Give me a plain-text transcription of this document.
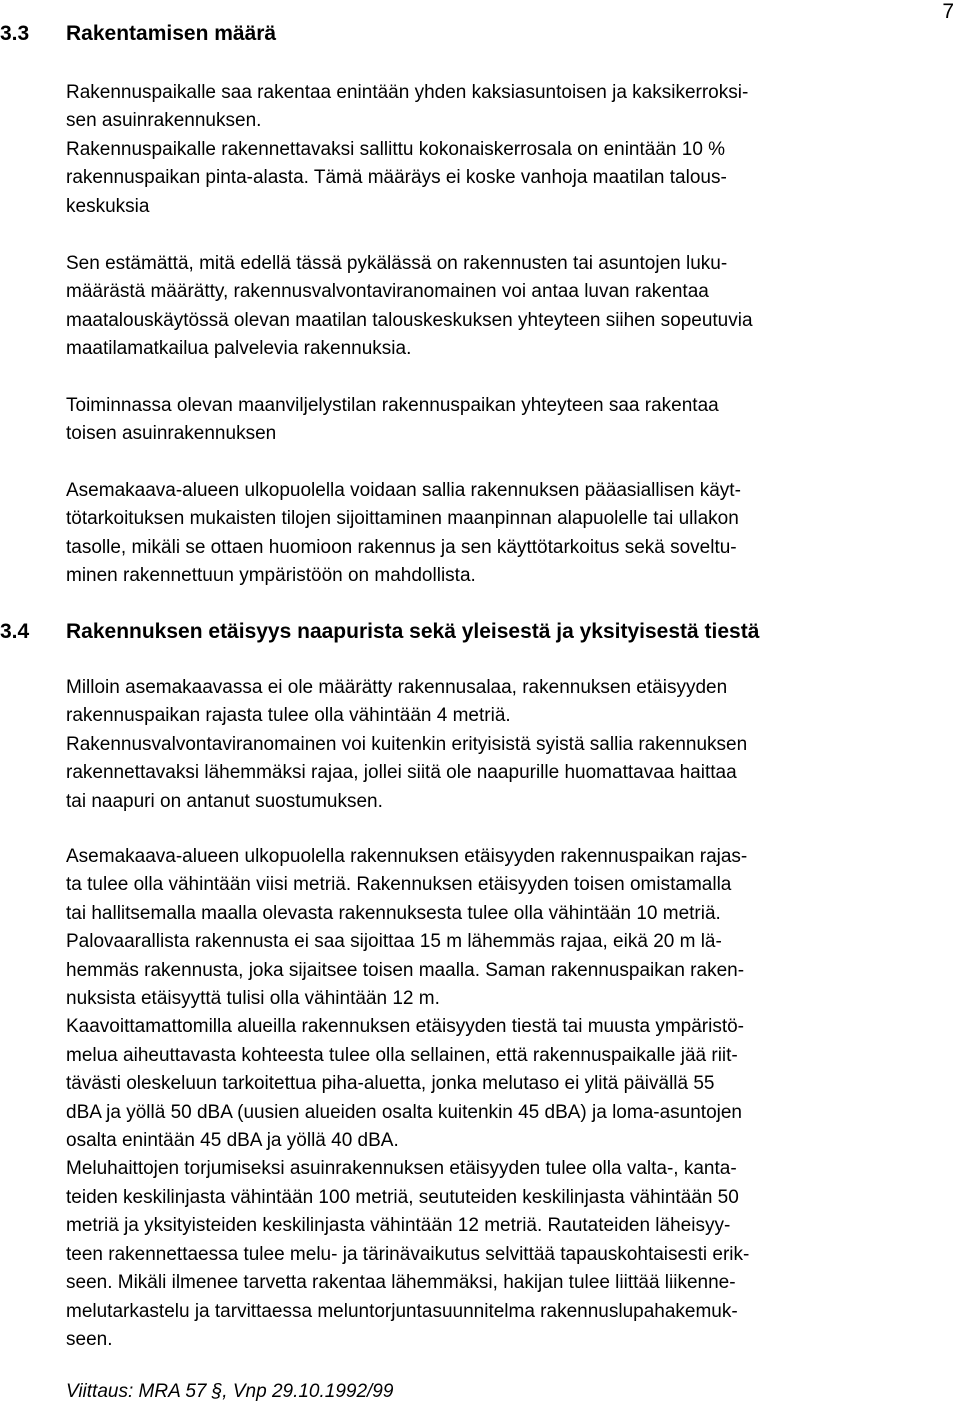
7
3.3 Rakentamisen määrä

Rakennuspaikalle saa rakentaa enintään yhden kaksiasuntoisen ja kaksikerroksi-
sen asuinrakennuksen.
Rakennuspaikalle rakennettavaksi sallittu kokonaiskerrosala on enintään 10 %
rakennuspaikan pinta-alasta. Tämä määräys ei koske vanhoja maatilan talous-
keskuksia

Sen estämättä, mitä edellä tässä pykälässä on rakennusten tai asuntojen luku-
määrästä määrätty, rakennusvalvontaviranomainen voi antaa luvan rakentaa
maatalouskäytössä olevan maatilan talouskeskuksen yhteyteen siihen sopeutuvia
maatilamatkailua palvelevia rakennuksia.

Toiminnassa olevan maanviljelystilan rakennuspaikan yhteyteen saa rakentaa
toisen asuinrakennuksen

Asemakaava-alueen ulkopuolella voidaan sallia rakennuksen pääasiallisen käyt-
tötarkoituksen mukaisten tilojen sijoittaminen maanpinnan alapuolelle tai ullakon
tasolle, mikäli se ottaen huomioon rakennus ja sen käyttötarkoitus sekä soveltu-
minen rakennettuun ympäristöön on mahdollista.

3.4 Rakennuksen etäisyys naapurista sekä yleisestä ja yksityisestä tiestä

Milloin asemakaavassa ei ole määrätty rakennusalaa, rakennuksen etäisyyden
rakennuspaikan rajasta tulee olla vähintään 4 metriä.
Rakennusvalvontaviranomainen voi kuitenkin erityisistä syistä sallia rakennuksen
rakennettavaksi lähemmäksi rajaa, jollei siitä ole naapurille huomattavaa haittaa
tai naapuri on antanut suostumuksen.

Asemakaava-alueen ulkopuolella rakennuksen etäisyyden rakennuspaikan rajas-
ta tulee olla vähintään viisi metriä. Rakennuksen etäisyyden toisen omistamalla
tai hallitsemalla maalla olevasta rakennuksesta tulee olla vähintään 10 metriä.
Palovaarallista rakennusta ei saa sijoittaa 15 m lähemmäs rajaa, eikä 20 m lä-
hemmäs rakennusta, joka sijaitsee toisen maalla. Saman rakennuspaikan raken-
nuksista etäisyyttä tulisi olla vähintään 12 m.
Kaavoittamattomilla alueilla rakennuksen etäisyyden tiestä tai muusta ympäristö-
melua aiheuttavasta kohteesta tulee olla sellainen, että rakennuspaikalle jää riit-
tävästi oleskeluun tarkoitettua piha-aluetta, jonka melutaso ei ylitä päivällä 55
dBA ja yöllä 50 dBA (uusien alueiden osalta kuitenkin 45 dBA) ja loma-asuntojen
osalta enintään 45 dBA ja yöllä 40 dBA.
Meluhaittojen torjumiseksi asuinrakennuksen etäisyyden tulee olla valta-, kanta-
teiden keskilinjasta vähintään 100 metriä, seututeiden keskilinjasta vähintään 50
metriä ja yksityisteiden keskilinjasta vähintään 12 metriä. Rautateiden läheisyy-
teen rakennettaessa tulee melu- ja tärinävaikutus selvittää tapauskohtaisesti erik-
seen. Mikäli ilmenee tarvetta rakentaa lähemmäksi, hakijan tulee liittää liikenne-
melutarkastelu ja tarvittaessa meluntorjuntasuunnitelma rakennuslupahakemuk-
seen.

Viittaus: MRA 57 §, Vnp 29.10.1992/99
